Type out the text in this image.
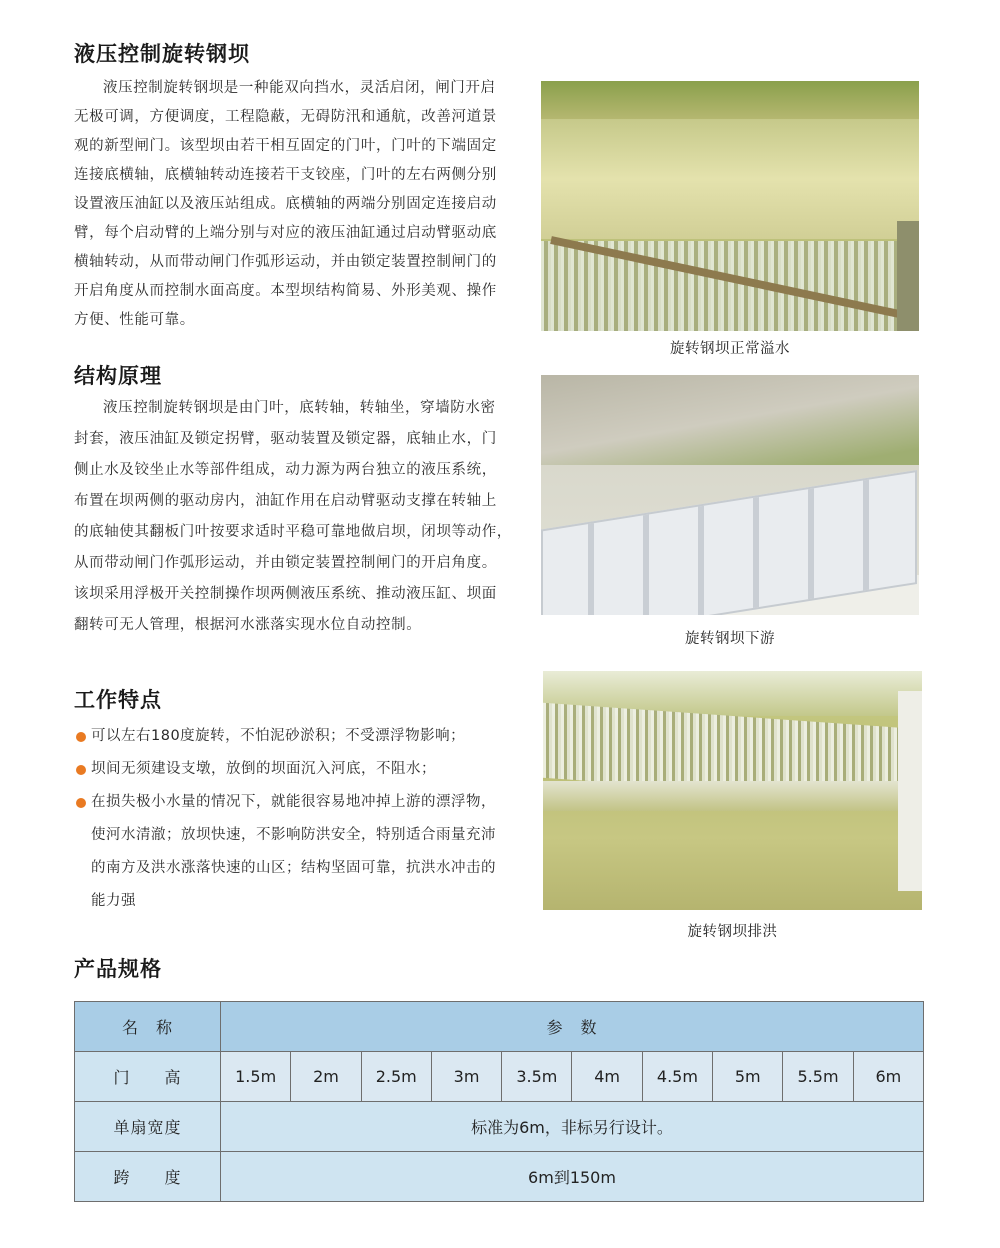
液压控制旋转钢坝

液压控制旋转钢坝是一种能双向挡水，灵活启闭，闸门开启

无极可调，方便调度，工程隐蔽，无碍防汛和通航，改善河道景

观的新型闸门。该型坝由若干相互固定的门叶，门叶的下端固定

连接底横轴，底横轴转动连接若干支铰座，门叶的左右两侧分别

设置液压油缸以及液压站组成。底横轴的两端分别固定连接启动

臂，每个启动臂的上端分别与对应的液压油缸通过启动臂驱动底

横轴转动，从而带动闸门作弧形运动，并由锁定装置控制闸门的

开启角度从而控制水面高度。本型坝结构简易、外形美观、操作

方便、性能可靠。

旋转钢坝正常溢水
结构原理

液压控制旋转钢坝是由门叶，底转轴，转轴坐，穿墙防水密

封套，液压油缸及锁定拐臂，驱动装置及锁定器，底轴止水，门

侧止水及铰坐止水等部件组成，动力源为两台独立的液压系统，

布置在坝两侧的驱动房内，油缸作用在启动臂驱动支撑在转轴上

的底轴使其翻板门叶按要求适时平稳可靠地做启坝，闭坝等动作，

从而带动闸门作弧形运动，并由锁定装置控制闸门的开启角度。

该坝采用浮极开关控制操作坝两侧液压系统、推动液压缸、坝面

翻转可无人管理，根据河水涨落实现水位自动控制。

旋转钢坝下游
工作特点
可以左右180度旋转，不怕泥砂淤积；不受漂浮物影响；
坝间无须建设支墩，放倒的坝面沉入河底，不阻水；
在损失极小水量的情况下，就能很容易地冲掉上游的漂浮物，
使河水清澈；放坝快速，不影响防洪安全，特别适合雨量充沛
的南方及洪水涨落快速的山区；结构坚固可靠，抗洪水冲击的
能力强
旋转钢坝排洪
产品规格
名　称	参　数									
门　　高	1.5m	2m	2.5m	3m	3.5m	4m	4.5m	5m	5.5m	6m
单扇宽度	标准为6m，非标另行设计。									
跨　　度	6m到150m									
